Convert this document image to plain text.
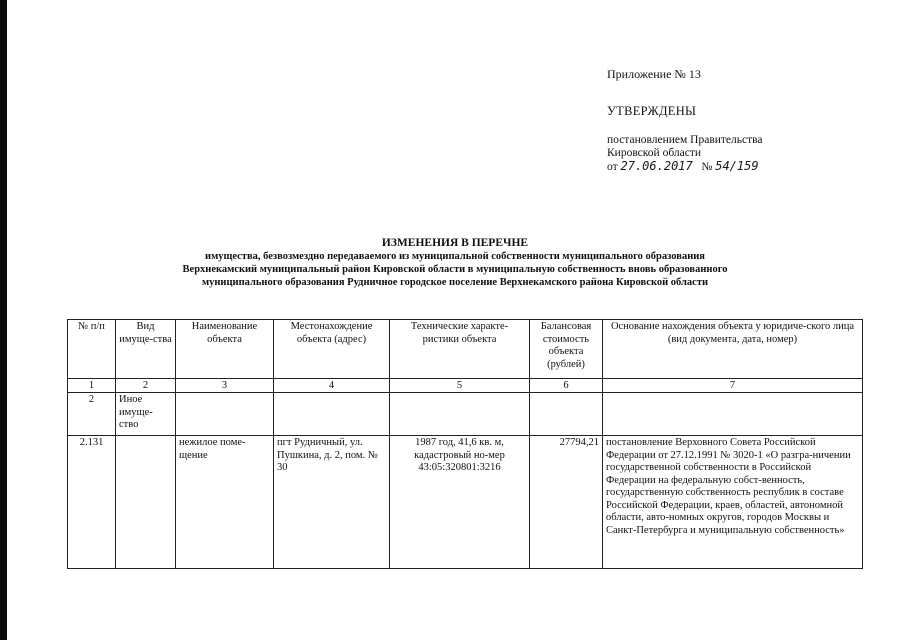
Приложение № 13
УТВЕРЖДЕНЫ
постановлением Правительства
Кировской области
от 27.06.2017 № 54/159
ИЗМЕНЕНИЯ В ПЕРЕЧНЕ
имущества, безвозмездно передаваемого из муниципальной собственности муниципального образования
Верхнекамский муниципальный район Кировской области в муниципальную собственность вновь образованного
муниципального образования Рудничное городское поселение Верхнекамского района Кировской области
№ п/п	Вид имуще-ства	Наименование объекта	Местонахождение объекта (адрес)	Технические характе-ристики объекта	Балансовая стоимость объекта (рублей)	Основание нахождения объекта у юридиче-ского лица (вид документа, дата, номер)
1	2	3	4	5	6	7
2	Иное имуще-ство					
2.131		нежилое поме-щение	пгт Рудничный, ул. Пушкина, д. 2, пом. № 30	1987 год, 41,6 кв. м, кадастровый но-мер 43:05:320801:3216	27794,21	постановление Верховного Совета Российской Федерации от 27.12.1991 № 3020-1 «О разгра-ничении государственной собственности в Российской Федерации на федеральную собст-венность, государственную собственность республик в составе Российской Федерации, краев, областей, автономной области, авто-номных округов, городов Москвы и Санкт-Петербурга и муниципальную собственность»
